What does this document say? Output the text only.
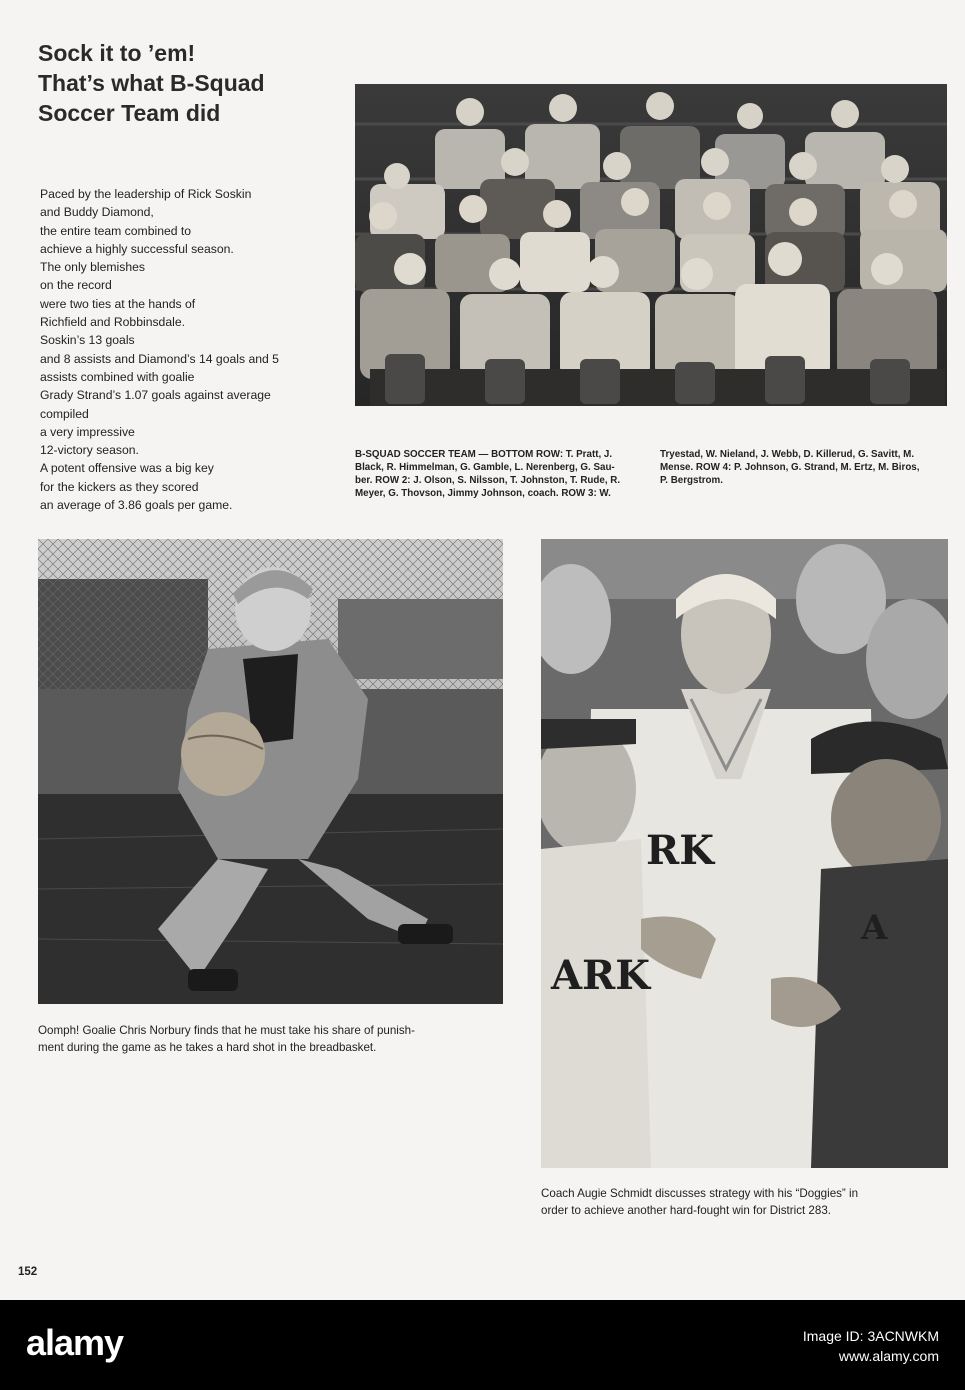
Sock it to ’em!
That’s what B-Squad
Soccer Team did
Paced by the leadership of Rick Soskin
and Buddy Diamond,
the entire team combined to
achieve a highly successful season.
The only blemishes
on the record
were two ties at the hands of
Richfield and Robbinsdale.
Soskin’s 13 goals
and 8 assists and Diamond’s 14 goals and 5
assists combined with goalie
Grady Strand’s 1.07 goals against average
compiled
a very impressive
12-victory season.
A potent offensive was a big key
for the kickers as they scored
an average of 3.86 goals per game.
B-SQUAD SOCCER TEAM — BOTTOM ROW: T. Pratt, J.
Black, R. Himmelman, G. Gamble, L. Nerenberg, G. Sau-
ber. ROW 2: J. Olson, S. Nilsson, T. Johnston, T. Rude, R.
Meyer, G. Thovson, Jimmy Johnson, coach. ROW 3: W.
Tryestad, W. Nieland, J. Webb, D. Killerud, G. Savitt, M.
Mense. ROW 4: P. Johnson, G. Strand, M. Ertz, M. Biros,
P. Bergstrom.
Oomph! Goalie Chris Norbury finds that he must take his share of punish-
ment during the game as he takes a hard shot in the breadbasket.
RK
ARK
A
Coach Augie Schmidt discusses strategy with his “Doggies” in
order to achieve another hard-fought win for District 283.
152
alamy	Image ID: 3ACNWKM
www.alamy.com
